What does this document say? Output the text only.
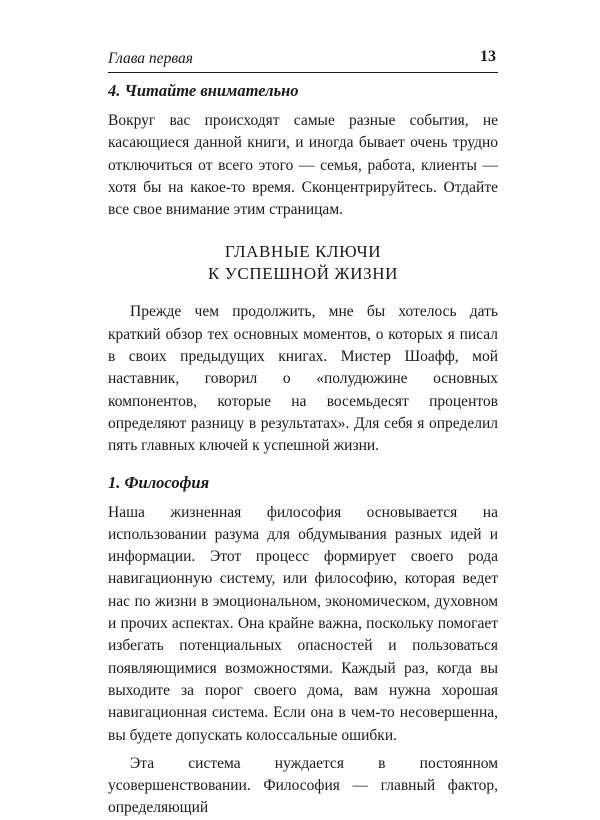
Глава первая	13
4. Читайте внимательно

Вокруг вас происходят самые разные события, не касающиеся данной книги, и иногда бывает очень трудно отключиться от всего этого — семья, работа, клиенты — хотя бы на какое-то время. Сконцентрируйтесь. Отдайте все свое внимание этим страницам.

ГЛАВНЫЕ КЛЮЧИ
К УСПЕШНОЙ ЖИЗНИ

Прежде чем продолжить, мне бы хотелось дать краткий обзор тех основных моментов, о которых я писал в своих предыдущих книгах. Мистер Шоафф, мой наставник, говорил о «полудюжине основных компонентов, которые на восемьдесят процентов определяют разницу в результатах». Для себя я определил пять главных ключей к успешной жизни.

1. Философия

Наша жизненная философия основывается на использовании разума для обдумывания разных идей и информации. Этот процесс формирует своего рода навигационную систему, или философию, которая ведет нас по жизни в эмоциональном, экономическом, духовном и прочих аспектах. Она крайне важна, поскольку помогает избегать потенциальных опасностей и пользоваться появляющимися возможностями. Каждый раз, когда вы выходите за порог своего дома, вам нужна хорошая навигационная система. Если она в чем-то несовершенна, вы будете допускать колоссальные ошибки.

Эта система нуждается в постоянном усовершенствовании. Философия — главный фактор, определяющий
